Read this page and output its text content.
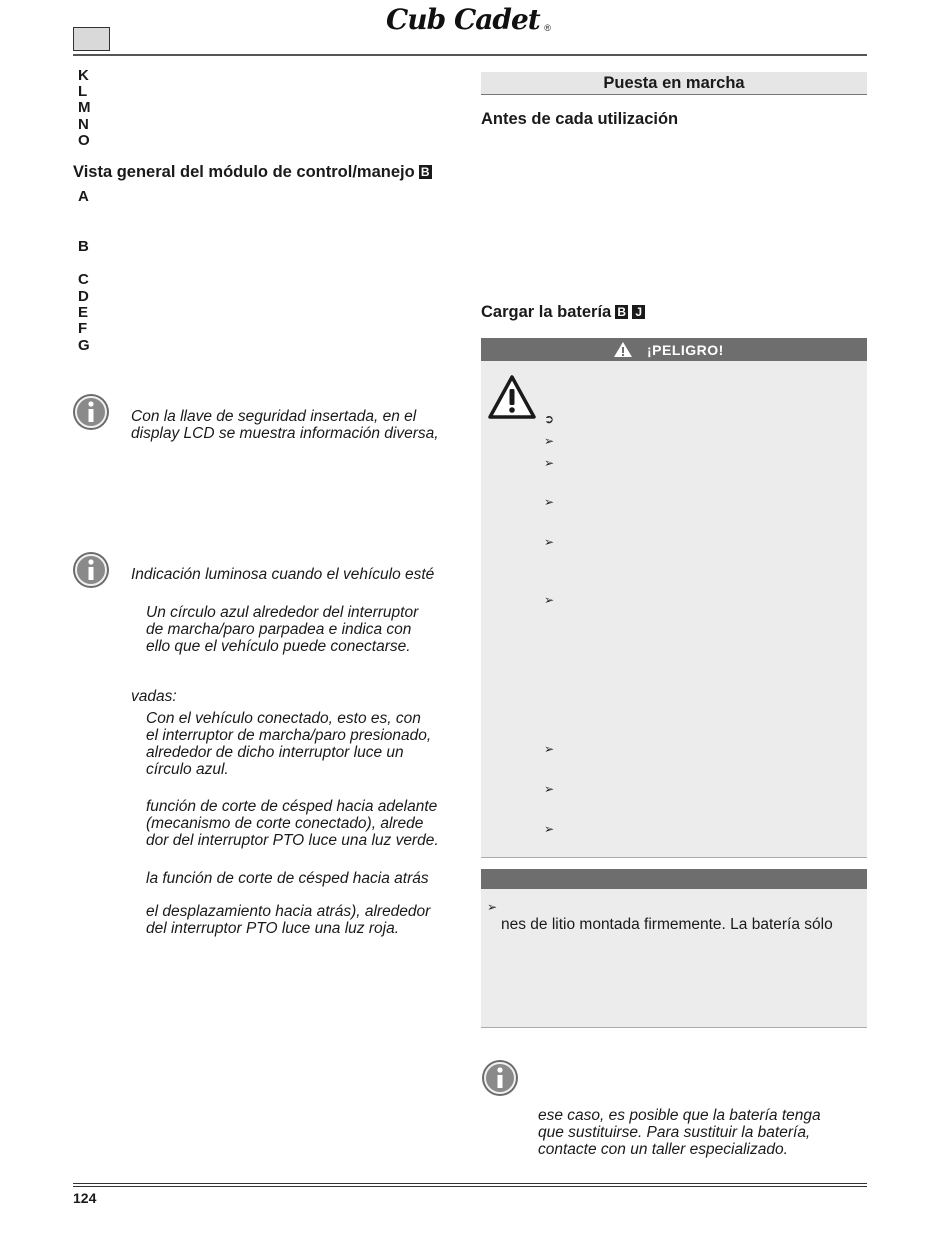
Cub Cadet ®
K
L
M
N
O
Vista general del módulo de control/manejo B
A
B
C
D
E
F
G
Con la llave de seguridad insertada, en el
display LCD se muestra información diversa,
Indicación luminosa cuando el vehículo esté
Un círculo azul alrededor del interruptor
de marcha/paro parpadea e indica con
ello que el vehículo puede conectarse.
vadas:
Con el vehículo conectado, esto es, con
el interruptor de marcha/paro presionado,
alrededor de dicho interruptor luce un
círculo azul.
función de corte de césped hacia adelante
(mecanismo de corte conectado), alrede
dor del interruptor PTO luce una luz verde.
la función de corte de césped hacia atrás
el desplazamiento hacia atrás), alrededor
del interruptor PTO luce una luz roja.
Puesta en marcha
Antes de cada utilización
Cargar la batería B J
¡PELIGRO!
➲
➢
➢
➢
➢
➢
➢
➢
➢
➢
nes de litio montada firmemente. La batería sólo
ese caso, es posible que la batería tenga
que sustituirse. Para sustituir la batería,
contacte con un taller especializado.
124
